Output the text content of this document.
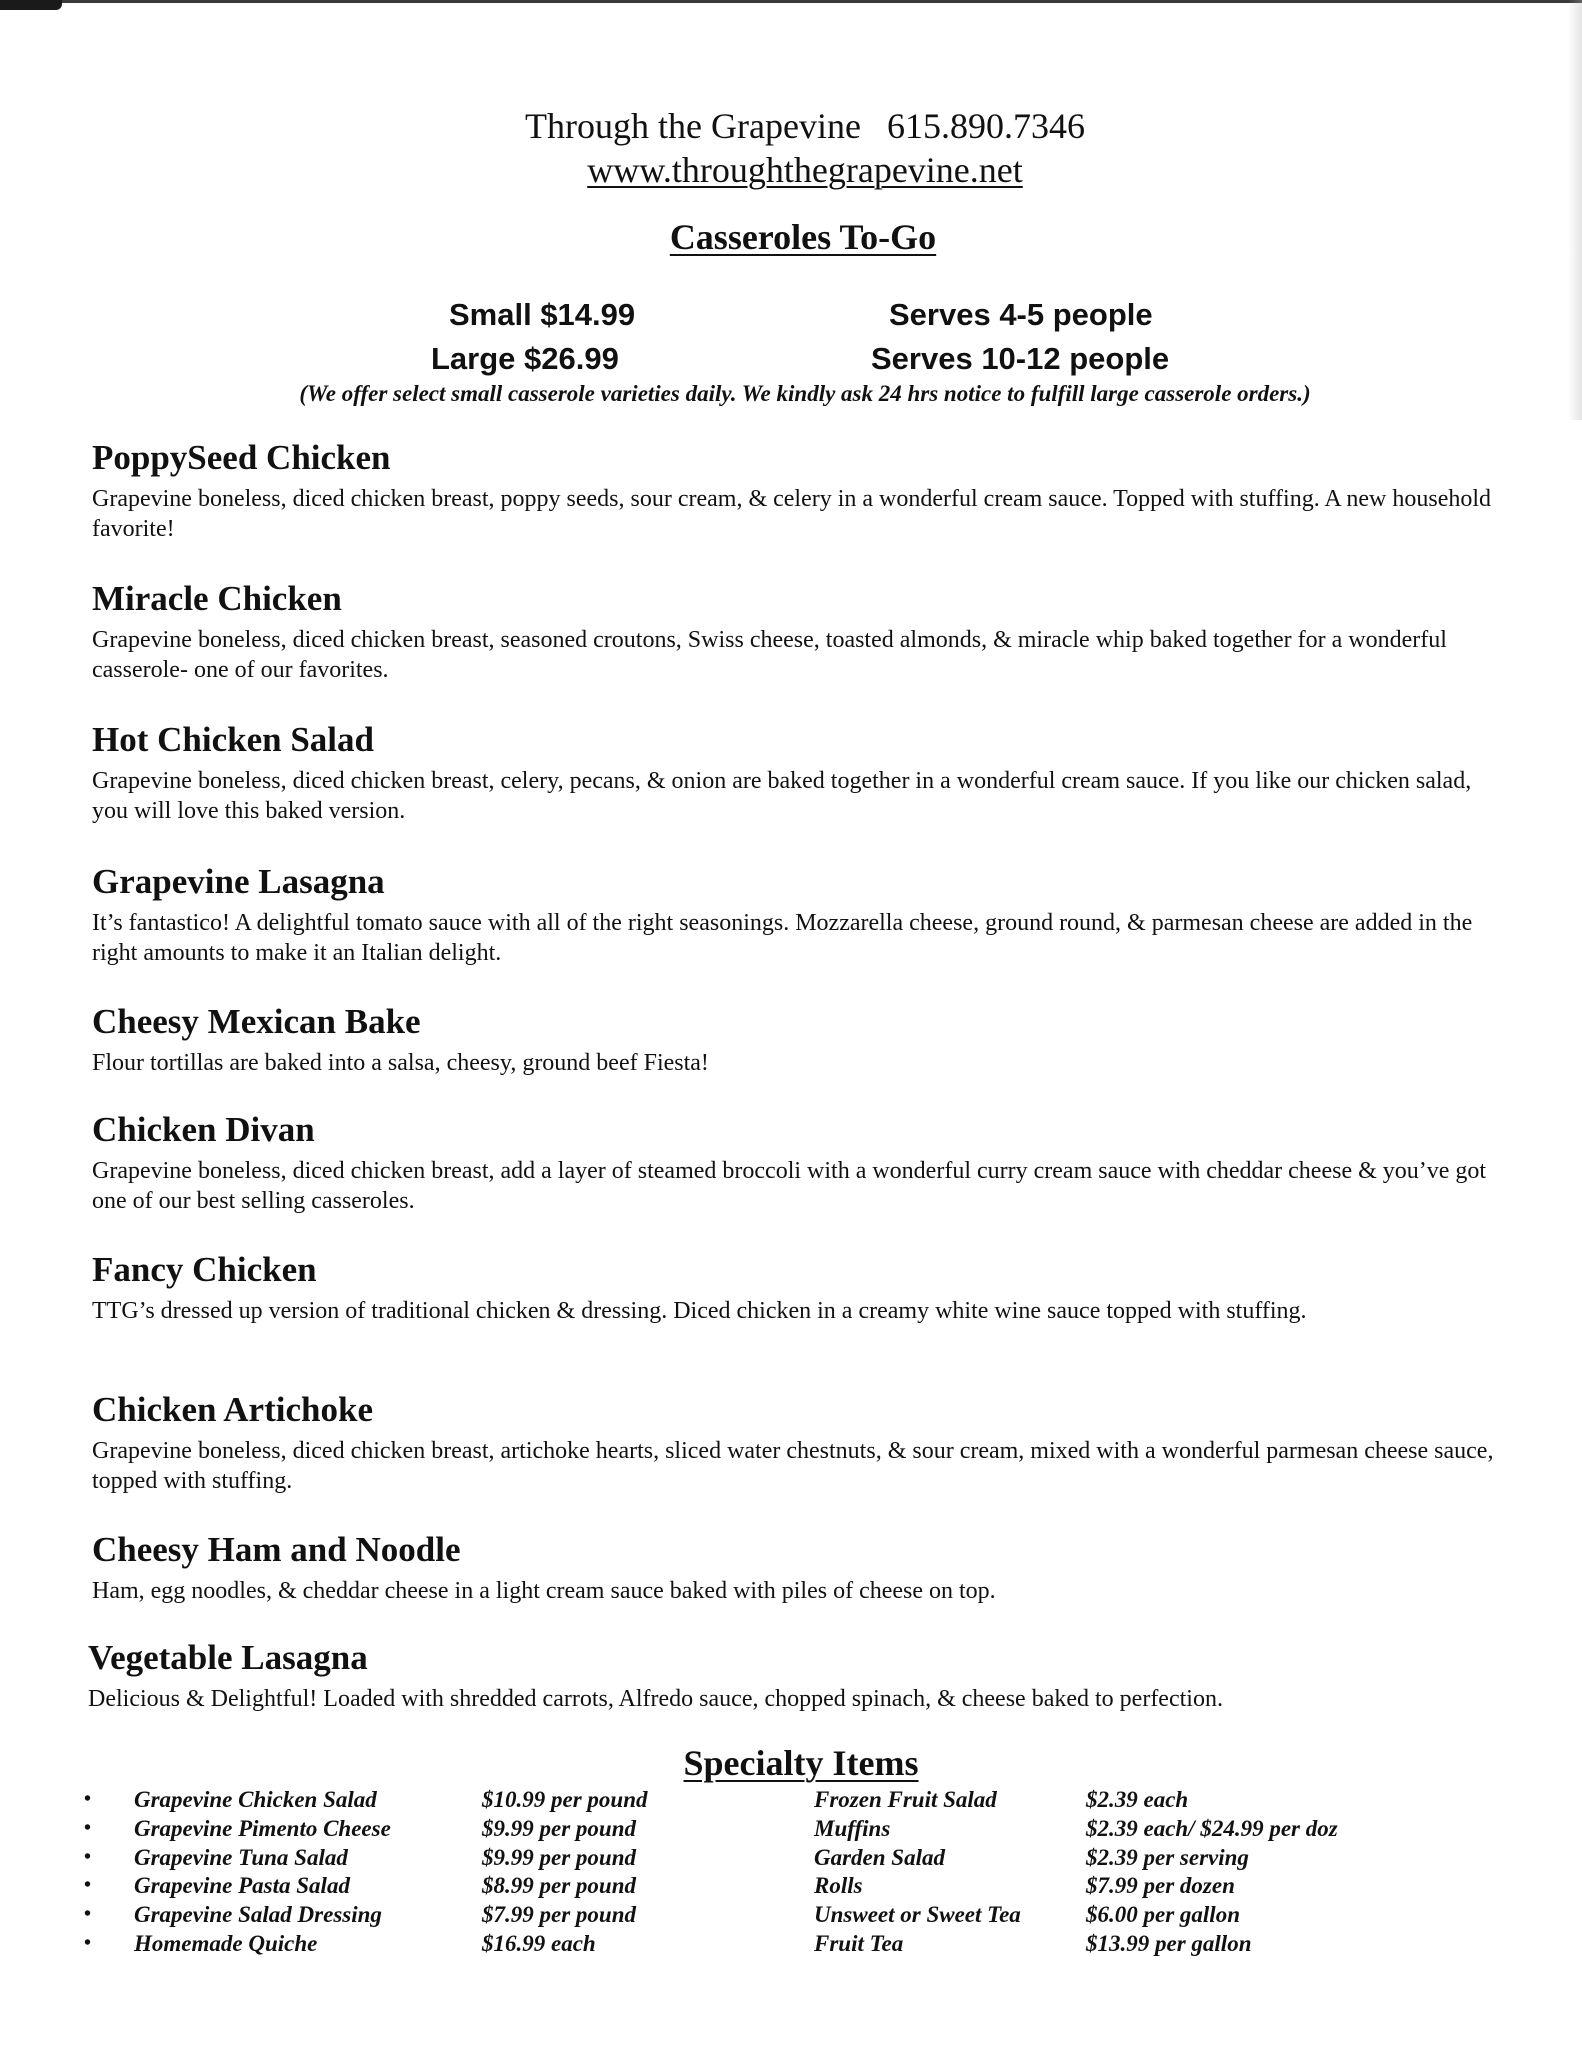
Through the Grapevine 615.890.7346
www.throughthegrapevine.net
Casseroles To-Go
Small $14.99	Serves 4-5 people
Large $26.99	Serves 10-12 people
(We offer select small casserole varieties daily. We kindly ask 24 hrs notice to fulfill large casserole orders.)
PoppySeed Chicken

Grapevine boneless, diced chicken breast, poppy seeds, sour cream, & celery in a wonderful cream sauce. Topped with stuffing. A new household favorite!

Miracle Chicken

Grapevine boneless, diced chicken breast, seasoned croutons, Swiss cheese, toasted almonds, & miracle whip baked together for a wonderful casserole- one of our favorites.

Hot Chicken Salad

Grapevine boneless, diced chicken breast, celery, pecans, & onion are baked together in a wonderful cream sauce. If you like our chicken salad, you will love this baked version.

Grapevine Lasagna

It’s fantastico! A delightful tomato sauce with all of the right seasonings. Mozzarella cheese, ground round, & parmesan cheese are added in the right amounts to make it an Italian delight.

Cheesy Mexican Bake

Flour tortillas are baked into a salsa, cheesy, ground beef Fiesta!

Chicken Divan

Grapevine boneless, diced chicken breast, add a layer of steamed broccoli with a wonderful curry cream sauce with cheddar cheese & you’ve got one of our best selling casseroles.

Fancy Chicken

TTG’s dressed up version of traditional chicken & dressing. Diced chicken in a creamy white wine sauce topped with stuffing.

Chicken Artichoke

Grapevine boneless, diced chicken breast, artichoke hearts, sliced water chestnuts, & sour cream, mixed with a wonderful parmesan cheese sauce, topped with stuffing.

Cheesy Ham and Noodle

Ham, egg noodles, & cheddar cheese in a light cream sauce baked with piles of cheese on top.

Vegetable Lasagna

Delicious & Delightful! Loaded with shredded carrots, Alfredo sauce, chopped spinach, & cheese baked to perfection.

Specialty Items
• Grapevine Chicken Salad	$10.99 per pound	Frozen Fruit Salad	$2.39 each
• Grapevine Pimento Cheese	$9.99 per pound	Muffins	$2.39 each/ $24.99 per doz
• Grapevine Tuna Salad	$9.99 per pound	Garden Salad	$2.39 per serving
• Grapevine Pasta Salad	$8.99 per pound	Rolls	$7.99 per dozen
• Grapevine Salad Dressing	$7.99 per pound	Unsweet or Sweet Tea	$6.00 per gallon
• Homemade Quiche	$16.99 each	Fruit Tea	$13.99 per gallon
